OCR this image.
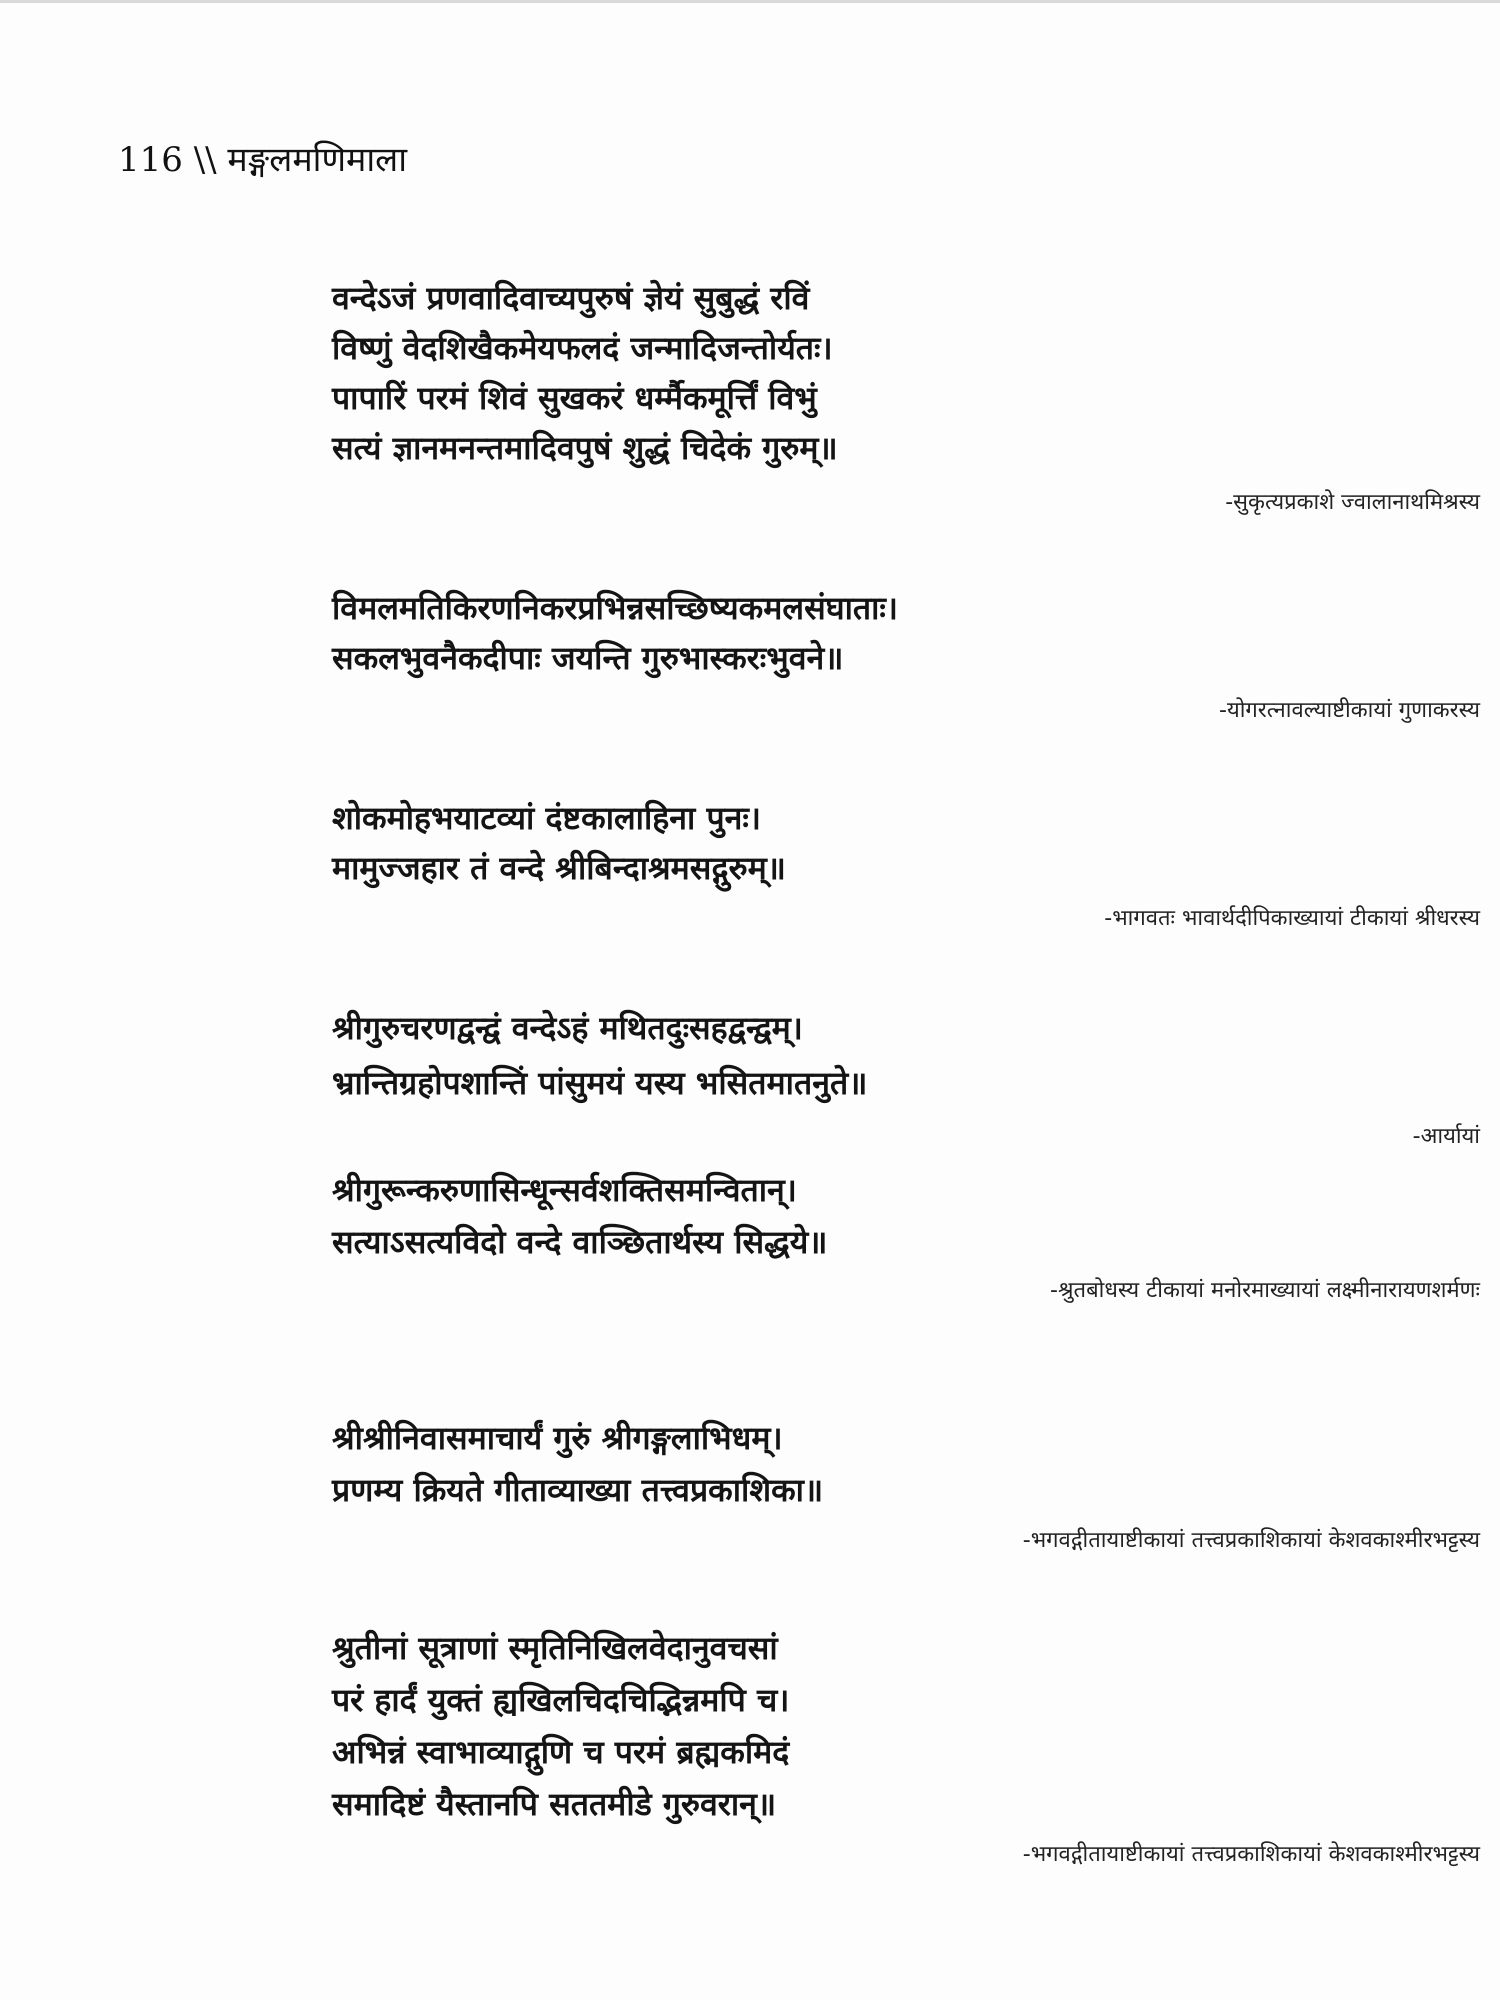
116 \\ मङ्गलमणिमाला
वन्देऽजं प्रणवादिवाच्यपुरुषं ज्ञेयं सुबुद्धं रविं
विष्णुं वेदशिखैकमेयफलदं जन्मादिजन्तोर्यतः।
पापारिं परमं शिवं सुखकरं धर्म्मैकमूर्त्तिं विभुं
सत्यं ज्ञानमनन्तमादिवपुषं शुद्धं चिदेकं गुरुम्॥
-सुकृत्यप्रकाशे ज्वालानाथमिश्रस्य
विमलमतिकिरणनिकरप्रभिन्नसच्छिष्यकमलसंघाताः।
सकलभुवनैकदीपाः जयन्ति गुरुभास्करःभुवने॥
-योगरत्नावल्याष्टीकायां गुणाकरस्य
शोकमोहभयाटव्यां दंष्टकालाहिना पुनः।
मामुज्जहार तं वन्दे श्रीबिन्दाश्रमसद्गुरुम्॥
-भागवतः भावार्थदीपिकाख्यायां टीकायां श्रीधरस्य
श्रीगुरुचरणद्वन्द्वं वन्देऽहं मथितदुःसहद्वन्द्वम्।
भ्रान्तिग्रहोपशान्तिं पांसुमयं यस्य भसितमातनुते॥
-आर्यायां
श्रीगुरून्करुणासिन्धून्सर्वशक्तिसमन्वितान्।
सत्याऽसत्यविदो वन्दे वाञ्छितार्थस्य सिद्धये॥
-श्रुतबोधस्य टीकायां मनोरमाख्यायां लक्ष्मीनारायणशर्मणः
श्रीश्रीनिवासमाचार्यं गुरुं श्रीगङ्गलाभिधम्।
प्रणम्य क्रियते गीताव्याख्या तत्त्वप्रकाशिका॥
-भगवद्गीतायाष्टीकायां तत्त्वप्रकाशिकायां केशवकाश्मीरभट्टस्य
श्रुतीनां सूत्राणां स्मृतिनिखिलवेदानुवचसां
परं हार्दं युक्तं ह्यखिलचिदचिद्भिन्नमपि च।
अभिन्नं स्वाभाव्याद्गुणि च परमं ब्रह्मकमिदं
समादिष्टं यैस्तानपि सततमीडे गुरुवरान्॥
-भगवद्गीतायाष्टीकायां तत्त्वप्रकाशिकायां केशवकाश्मीरभट्टस्य
